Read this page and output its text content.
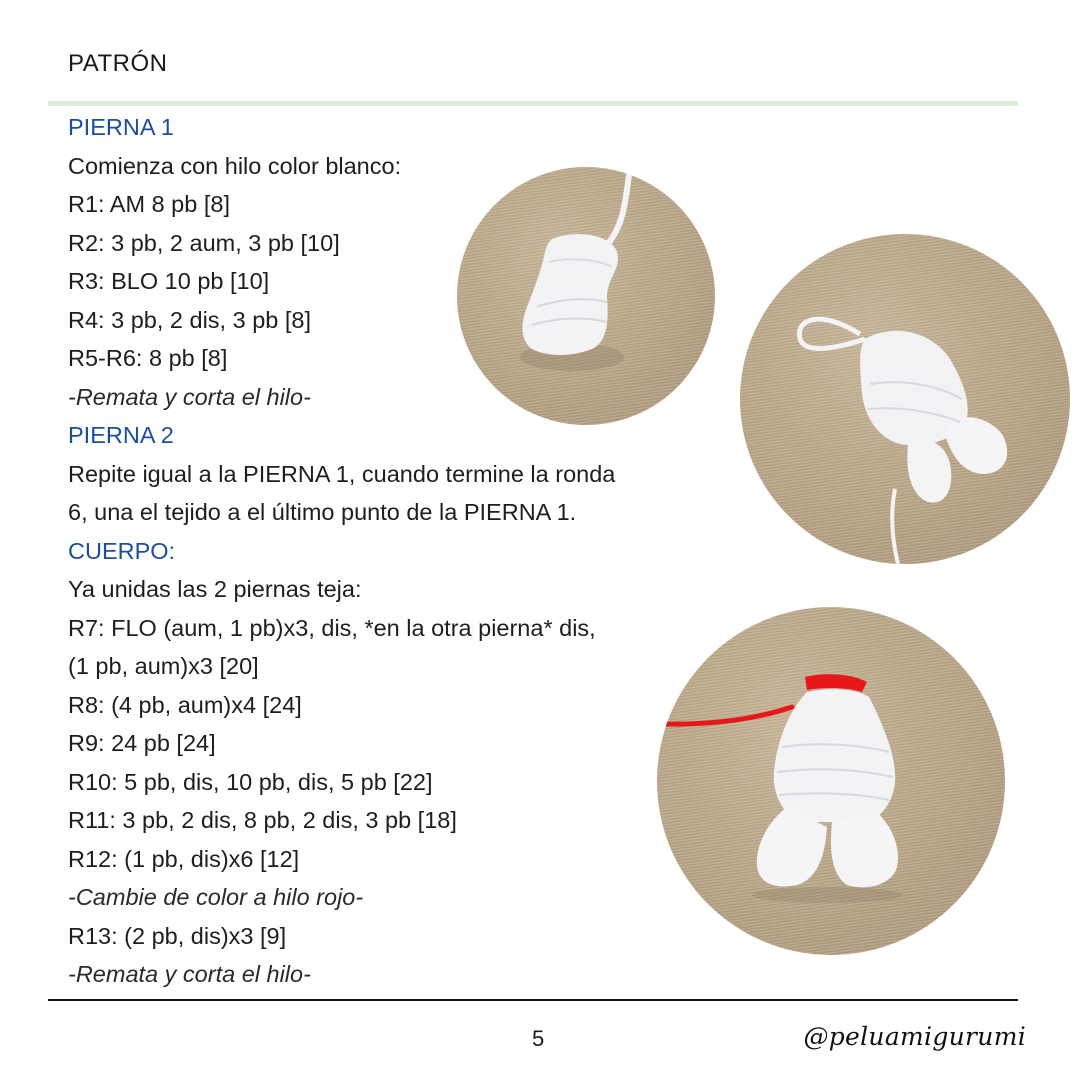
PATRÓN
PIERNA 1
Comienza con hilo color blanco:
R1: AM 8 pb [8]
R2: 3 pb, 2 aum, 3 pb [10]
R3: BLO 10 pb [10]
R4: 3 pb, 2 dis, 3 pb [8]
R5-R6: 8 pb [8]
-Remata y corta el hilo-
PIERNA 2
Repite igual a la PIERNA 1, cuando termine la ronda
6, una el tejido a el último punto de la PIERNA 1.
CUERPO:
Ya unidas las 2 piernas teja:
R7: FLO (aum, 1 pb)x3, dis, *en la otra pierna* dis,
(1 pb, aum)x3 [20]
R8: (4 pb, aum)x4 [24]
R9: 24 pb [24]
R10: 5 pb, dis, 10 pb, dis, 5 pb [22]
R11: 3 pb, 2 dis, 8 pb, 2 dis, 3 pb [18]
R12: (1 pb, dis)x6 [12]
-Cambie de color a hilo rojo-
R13: (2 pb, dis)x3 [9]
-Remata y corta el hilo-
5	@peluamigurumi
